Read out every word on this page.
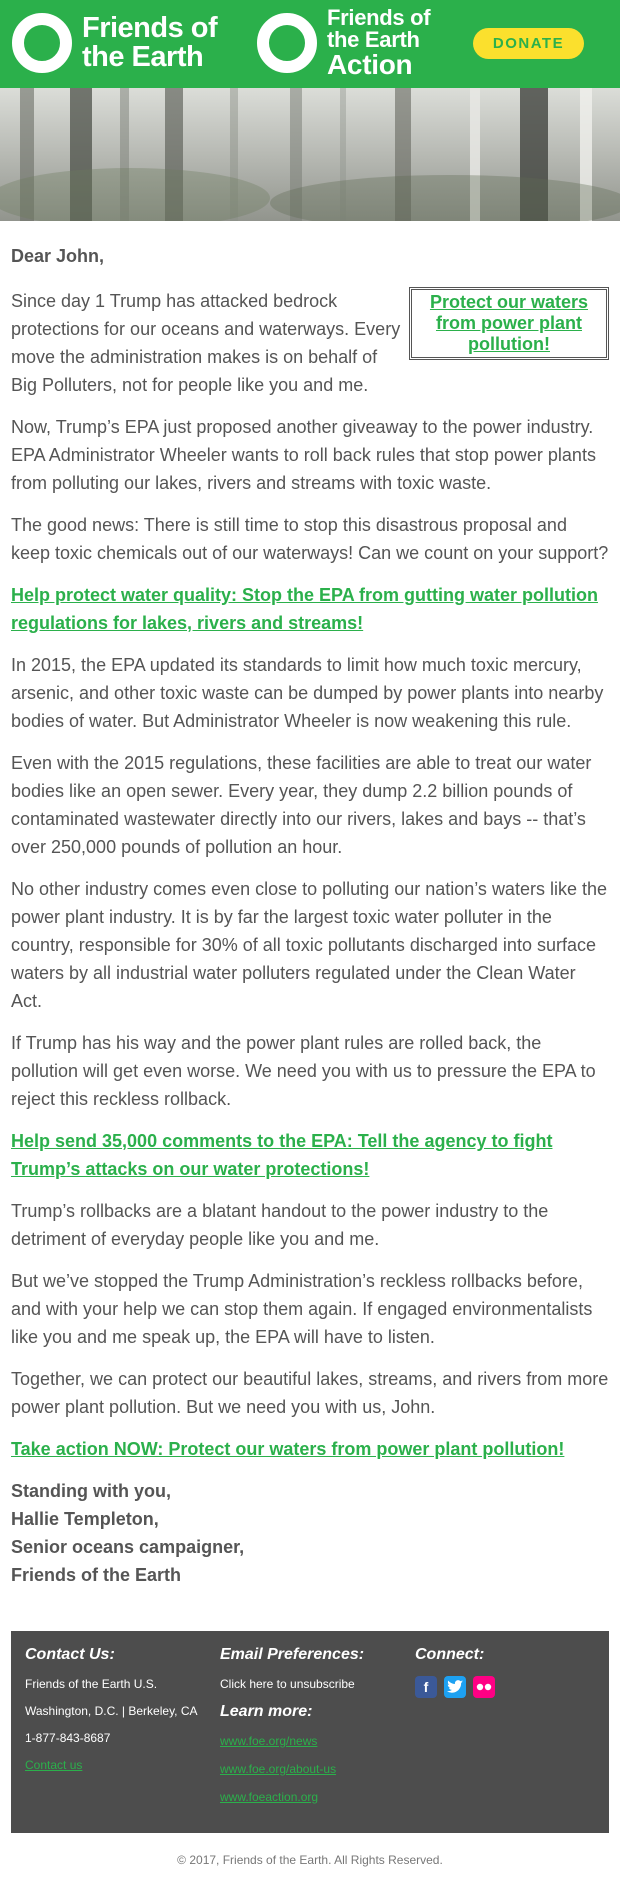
Friends of
the Earth
Friends of
the Earth
Action
DONATE
Dear John,
Protect our waters from power plant pollution!

Since day 1 Trump has attacked bedrock protections for our oceans and waterways. Every move the administration makes is on behalf of Big Polluters, not for people like you and me.

Now, Trump’s EPA just proposed another giveaway to the power industry. EPA Administrator Wheeler wants to roll back rules that stop power plants from polluting our lakes, rivers and streams with toxic waste.

The good news: There is still time to stop this disastrous proposal and keep toxic chemicals out of our waterways! Can we count on your support?

Help protect water quality: Stop the EPA from gutting water pollution regulations for lakes, rivers and streams!

In 2015, the EPA updated its standards to limit how much toxic mercury, arsenic, and other toxic waste can be dumped by power plants into nearby bodies of water. But Administrator Wheeler is now weakening this rule.

Even with the 2015 regulations, these facilities are able to treat our water bodies like an open sewer. Every year, they dump 2.2 billion pounds of contaminated wastewater directly into our rivers, lakes and bays -- that’s over 250,000 pounds of pollution an hour.

No other industry comes even close to polluting our nation’s waters like the power plant industry. It is by far the largest toxic water polluter in the country, responsible for 30% of all toxic pollutants discharged into surface waters by all industrial water polluters regulated under the Clean Water Act.

If Trump has his way and the power plant rules are rolled back, the pollution will get even worse. We need you with us to pressure the EPA to reject this reckless rollback.

Help send 35,000 comments to the EPA: Tell the agency to fight Trump’s attacks on our water protections!

Trump’s rollbacks are a blatant handout to the power industry to the detriment of everyday people like you and me.

But we’ve stopped the Trump Administration’s reckless rollbacks before, and with your help we can stop them again. If engaged environmentalists like you and me speak up, the EPA will have to listen.

Together, we can protect our beautiful lakes, streams, and rivers from more power plant pollution. But we need you with us, John.

Take action NOW: Protect our waters from power plant pollution!

Standing with you,
Hallie Templeton,
Senior oceans campaigner,
Friends of the Earth
Contact Us:
Friends of the Earth U.S.
Washington, D.C. | Berkeley, CA
1-877-843-8687
Contact us
Email Preferences:
Click here to unsubscribe
Learn more:
www.foe.org/news
www.foe.org/about-us
www.foeaction.org
Connect:
f
© 2017, Friends of the Earth. All Rights Reserved.
